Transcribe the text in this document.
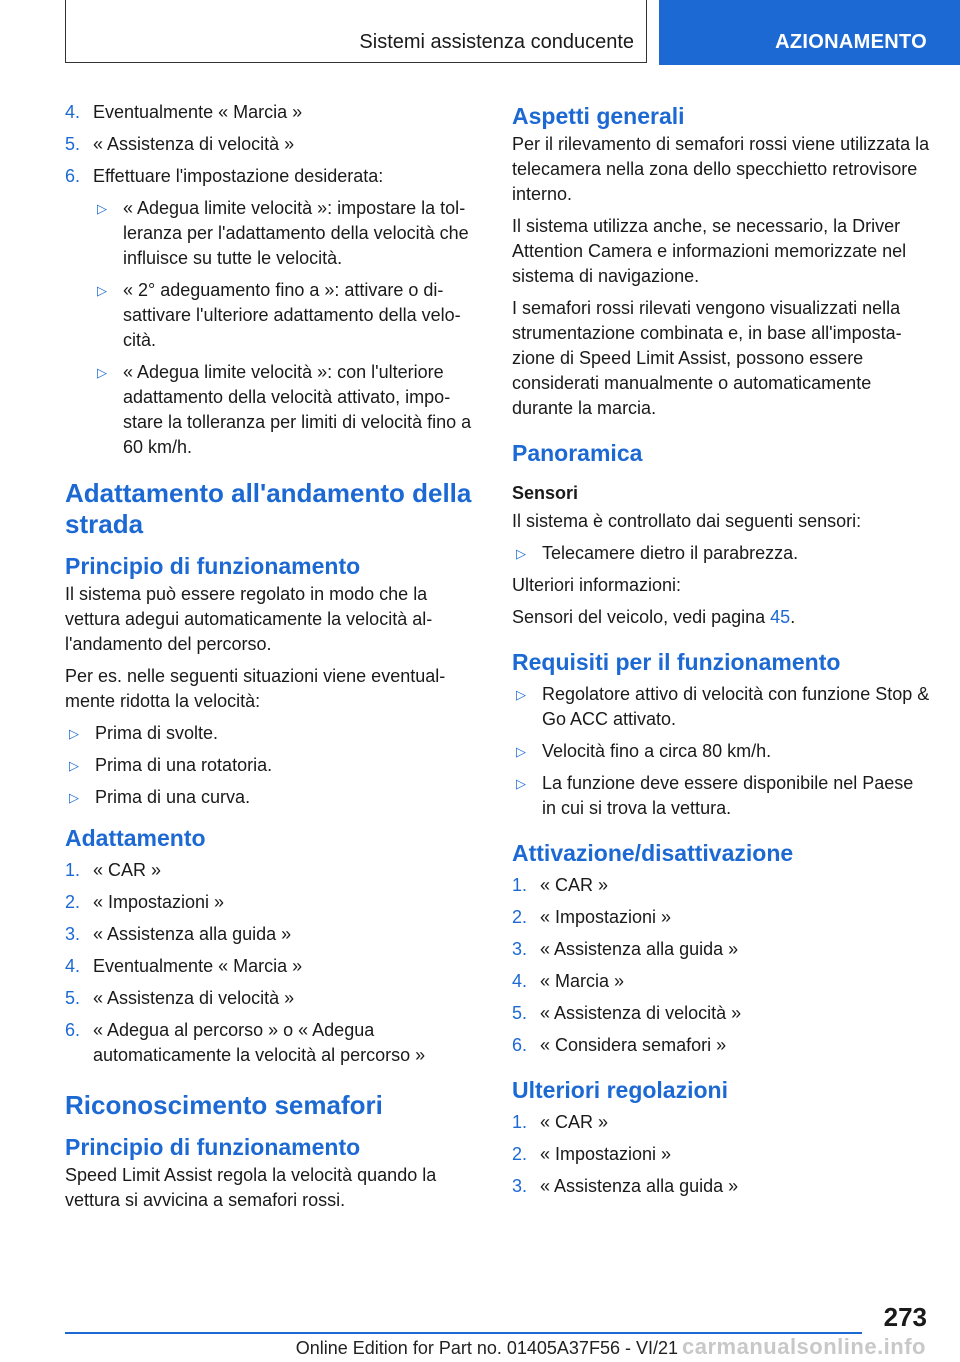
Sistemi assistenza conducente	AZIONAMENTO
4. Eventualmente « Marcia »
5. « Assistenza di velocità »
6. Effettuare l'impostazione desiderata:
▷ « Adegua limite velocità »: impostare la tolleranza per l'adattamento della velocità che influisce su tutte le velocità.
▷ « 2° adeguamento fino a »: attivare o disattivare l'ulteriore adattamento della velocità.
▷ « Adegua limite velocità »: con l'ulteriore adattamento della velocità attivato, impostare la tolleranza per limiti di velocità fino a 60 km/h.
Adattamento all'andamento della strada
Principio di funzionamento
Il sistema può essere regolato in modo che la vettura adegui automaticamente la velocità all'andamento del percorso.
Per es. nelle seguenti situazioni viene eventualmente ridotta la velocità:
▷ Prima di svolte.
▷ Prima di una rotatoria.
▷ Prima di una curva.
Adattamento
1. « CAR »
2. « Impostazioni »
3. « Assistenza alla guida »
4. Eventualmente « Marcia »
5. « Assistenza di velocità »
6. « Adegua al percorso » o « Adegua automaticamente la velocità al percorso »
Riconoscimento semafori
Principio di funzionamento
Speed Limit Assist regola la velocità quando la vettura si avvicina a semafori rossi.
Aspetti generali
Per il rilevamento di semafori rossi viene utilizzata la telecamera nella zona dello specchietto retrovisore interno.
Il sistema utilizza anche, se necessario, la Driver Attention Camera e informazioni memorizzate nel sistema di navigazione.
I semafori rossi rilevati vengono visualizzati nella strumentazione combinata e, in base all'impostazione di Speed Limit Assist, possono essere considerati manualmente o automaticamente durante la marcia.
Panoramica
Sensori
Il sistema è controllato dai seguenti sensori:
▷ Telecamere dietro il parabrezza.
Ulteriori informazioni:
Sensori del veicolo, vedi pagina 45.
Requisiti per il funzionamento
▷ Regolatore attivo di velocità con funzione Stop & Go ACC attivato.
▷ Velocità fino a circa 80 km/h.
▷ La funzione deve essere disponibile nel Paese in cui si trova la vettura.
Attivazione/disattivazione
1. « CAR »
2. « Impostazioni »
3. « Assistenza alla guida »
4. « Marcia »
5. « Assistenza di velocità »
6. « Considera semafori »
Ulteriori regolazioni
1. « CAR »
2. « Impostazioni »
3. « Assistenza alla guida »
273
Online Edition for Part no. 01405A37F56 - VI/21 carmanualsonline.info
